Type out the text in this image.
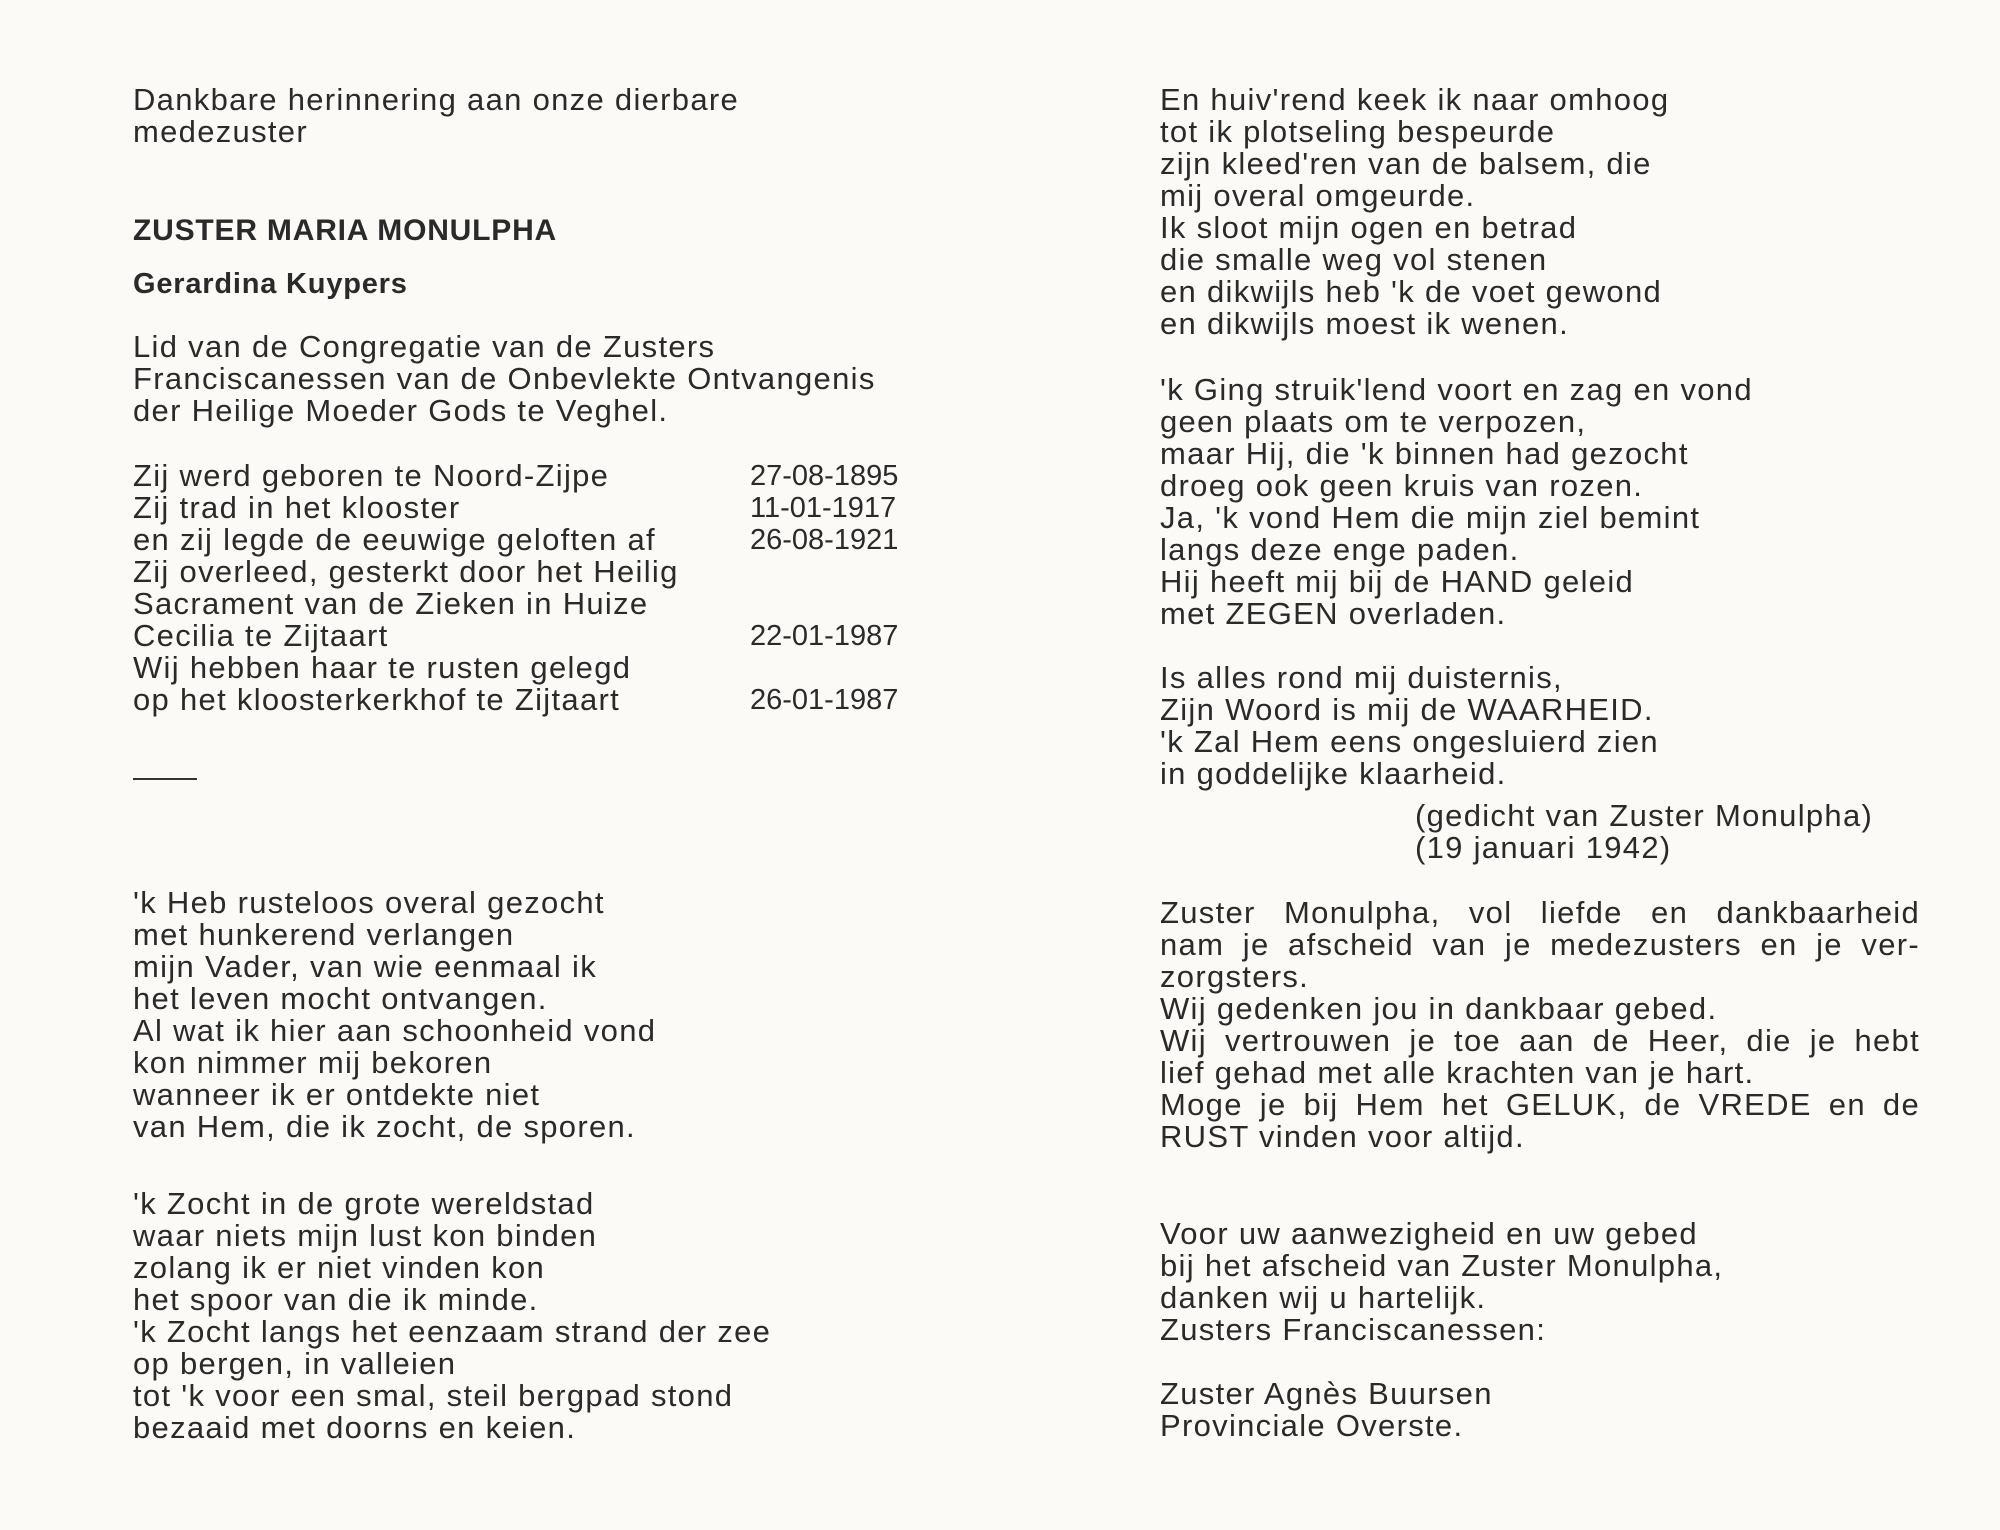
Dankbare herinnering aan onze dierbare
medezuster
ZUSTER MARIA MONULPHA
Gerardina Kuypers
Lid van de Congregatie van de Zusters
Franciscanessen van de Onbevlekte Ontvangenis
der Heilige Moeder Gods te Veghel.
Zij werd geboren te Noord-Zijpe	27-08-1895
Zij trad in het klooster	11-01-1917
en zij legde de eeuwige geloften af	26-08-1921
Zij overleed, gesterkt door het Heilig
Sacrament van de Zieken in Huize
Cecilia te Zijtaart	22-01-1987
Wij hebben haar te rusten gelegd
op het kloosterkerkhof te Zijtaart	26-01-1987
'k Heb rusteloos overal gezocht
met hunkerend verlangen
mijn Vader, van wie eenmaal ik
het leven mocht ontvangen.
Al wat ik hier aan schoonheid vond
kon nimmer mij bekoren
wanneer ik er ontdekte niet
van Hem, die ik zocht, de sporen.
'k Zocht in de grote wereldstad
waar niets mijn lust kon binden
zolang ik er niet vinden kon
het spoor van die ik minde.
'k Zocht langs het eenzaam strand der zee
op bergen, in valleien
tot 'k voor een smal, steil bergpad stond
bezaaid met doorns en keien.
En huiv'rend keek ik naar omhoog
tot ik plotseling bespeurde
zijn kleed'ren van de balsem, die
mij overal omgeurde.
Ik sloot mijn ogen en betrad
die smalle weg vol stenen
en dikwijls heb 'k de voet gewond
en dikwijls moest ik wenen.
'k Ging struik'lend voort en zag en vond
geen plaats om te verpozen,
maar Hij, die 'k binnen had gezocht
droeg ook geen kruis van rozen.
Ja, 'k vond Hem die mijn ziel bemint
langs deze enge paden.
Hij heeft mij bij de HAND geleid
met ZEGEN overladen.
Is alles rond mij duisternis,
Zijn Woord is mij de WAARHEID.
'k Zal Hem eens ongesluierd zien
in goddelijke klaarheid.
(gedicht van Zuster Monulpha)
(19 januari 1942)
Zuster Monulpha, vol liefde en dankbaarheid
nam je afscheid van je medezusters en je ver-
zorgsters.
Wij gedenken jou in dankbaar gebed.
Wij vertrouwen je toe aan de Heer, die je hebt
lief gehad met alle krachten van je hart.
Moge je bij Hem het GELUK, de VREDE en de
RUST vinden voor altijd.
Voor uw aanwezigheid en uw gebed
bij het afscheid van Zuster Monulpha,
danken wij u hartelijk.
Zusters Franciscanessen:
Zuster Agnès Buursen
Provinciale Overste.
